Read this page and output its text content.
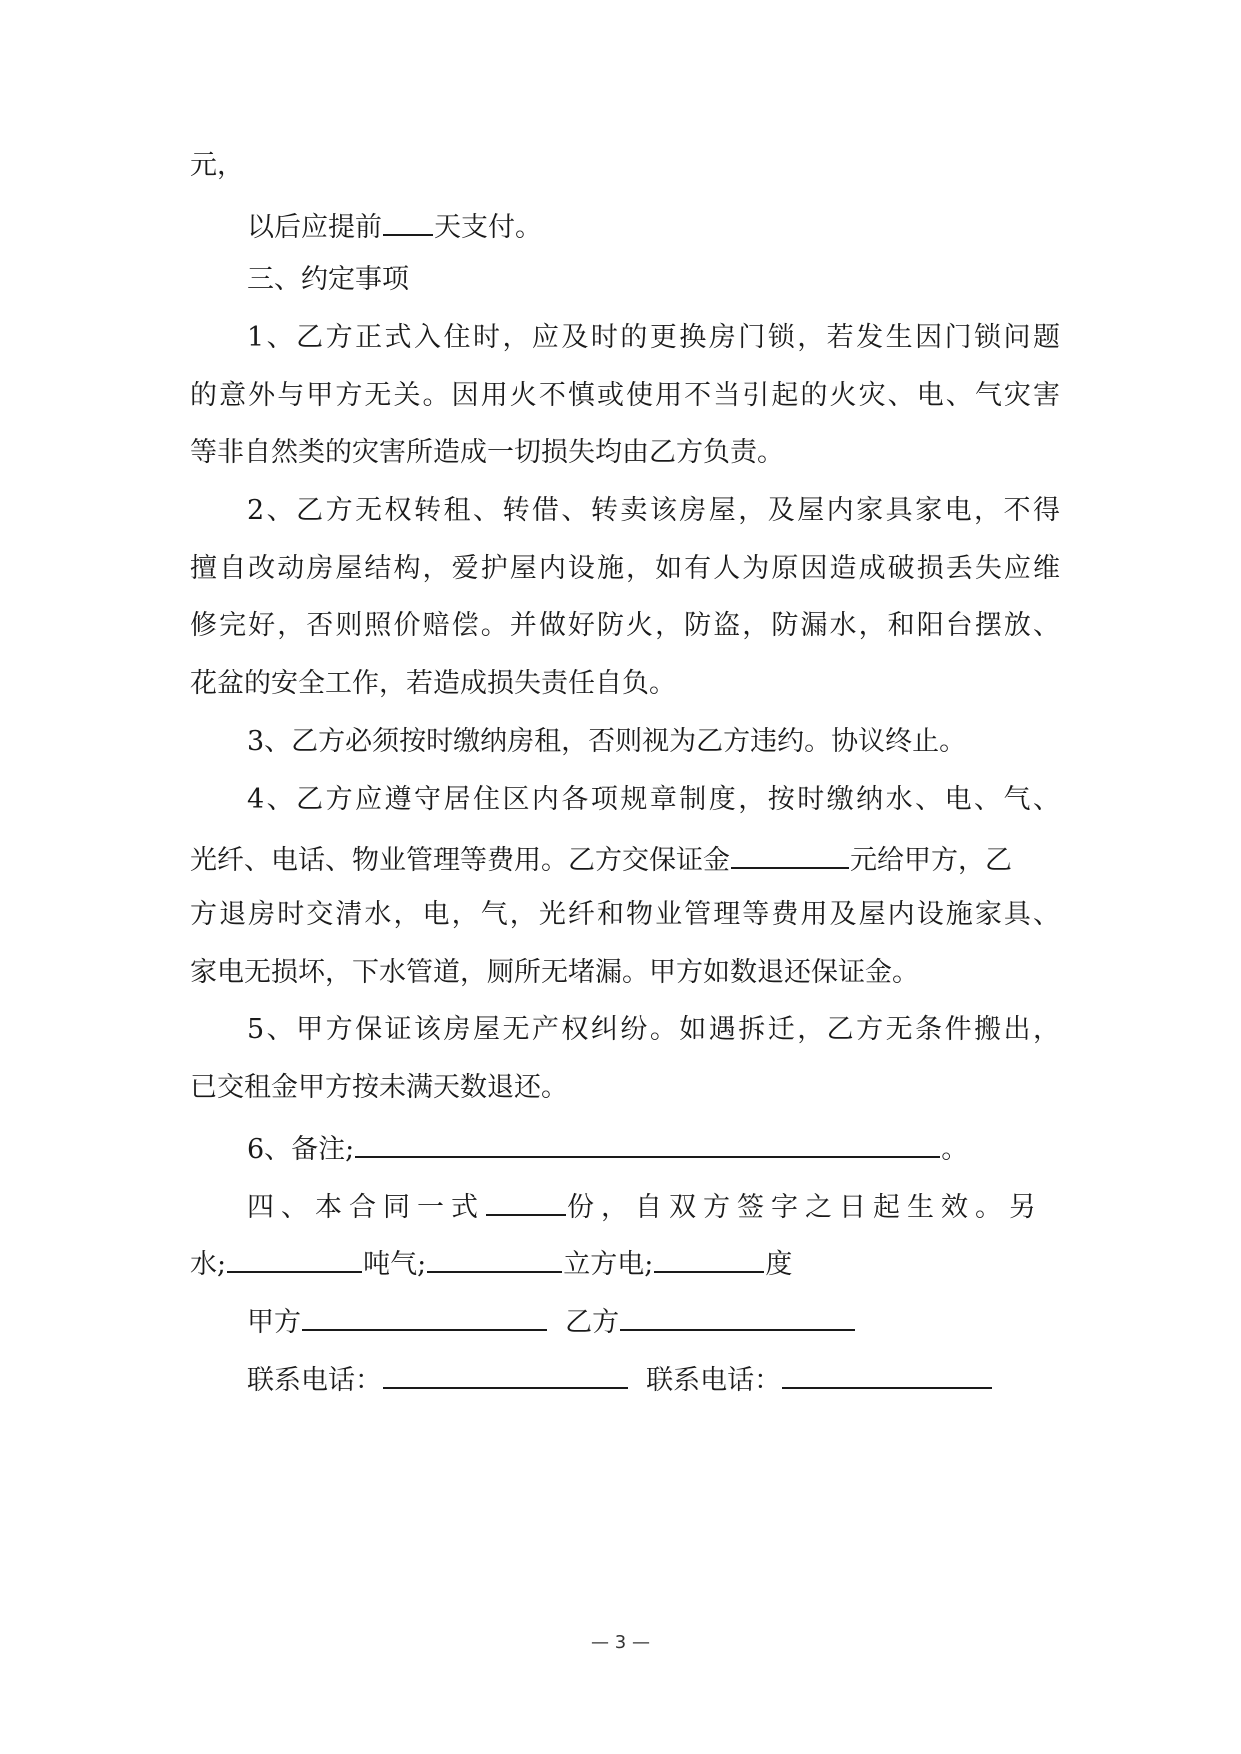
元，
以后应提前 天支付。
三、约定事项
1、乙方正式入住时，应及时的更换房门锁，若发生因门锁问题
的意外与甲方无关。因用火不慎或使用不当引起的火灾、电、气灾害
等非自然类的灾害所造成一切损失均由乙方负责。
2、乙方无权转租、转借、转卖该房屋，及屋内家具家电，不得
擅自改动房屋结构，爱护屋内设施，如有人为原因造成破损丢失应维
修完好，否则照价赔偿。并做好防火，防盗，防漏水，和阳台摆放、
花盆的安全工作，若造成损失责任自负。
3、乙方必须按时缴纳房租，否则视为乙方违约。协议终止。
4、乙方应遵守居住区内各项规章制度，按时缴纳水、电、气、
光纤、电话、物业管理等费用。乙方交保证金	元给甲方，乙
方退房时交清水，电，气，光纤和物业管理等费用及屋内设施家具、
家电无损坏，下水管道，厕所无堵漏。甲方如数退还保证金。
5、甲方保证该房屋无产权纠纷。如遇拆迁，乙方无条件搬出，
已交租金甲方按未满天数退还。
6、备注;	。
四、本合同一式	份，自双方签字之日起生效。另
水;	吨气;	立方电;	度
甲方	乙方
联系电话：	联系电话：
— 3 —
